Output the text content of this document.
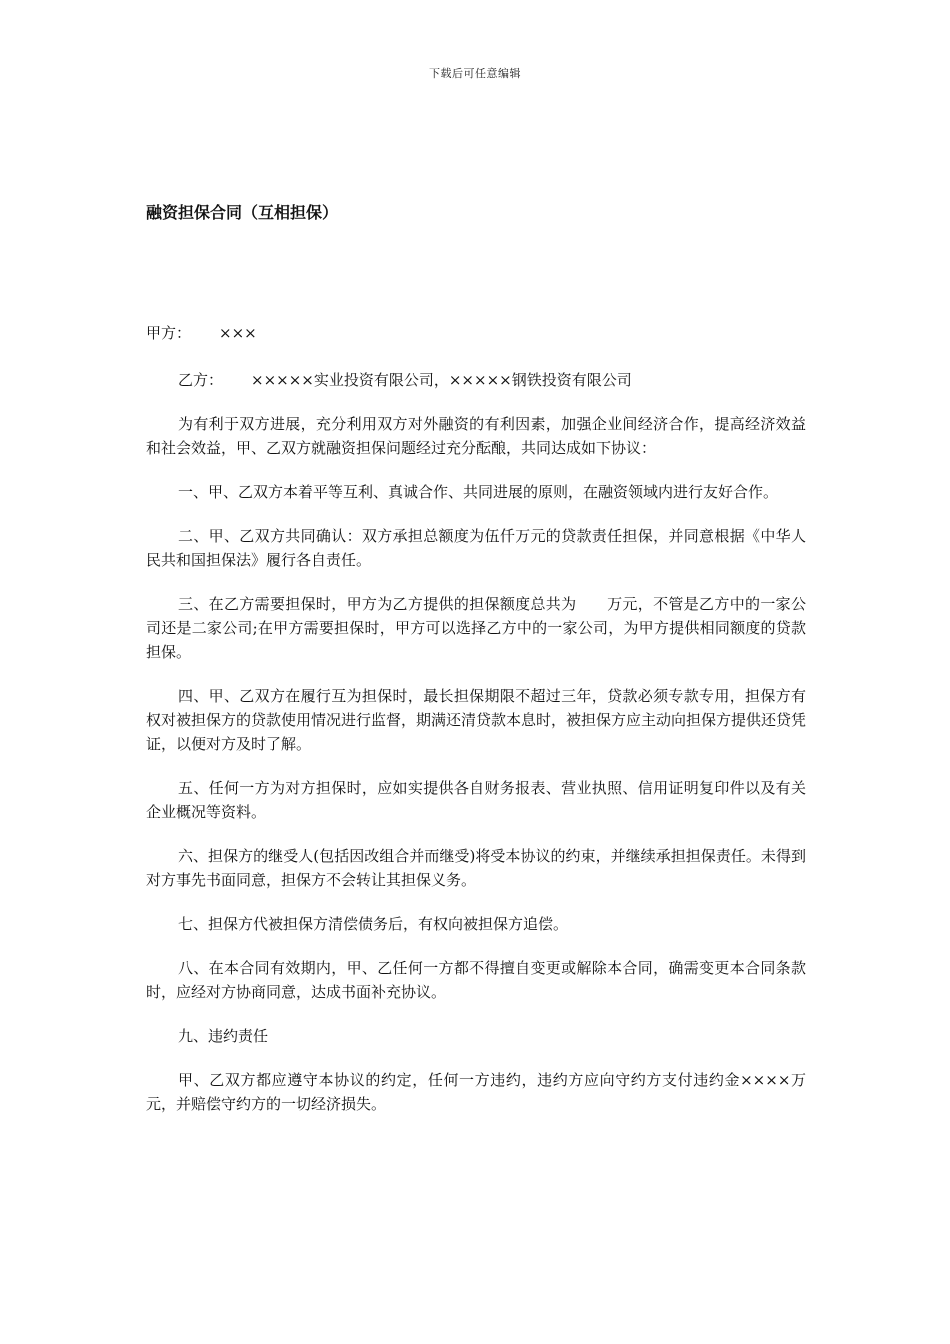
下载后可任意编辑
融资担保合同（互相担保）
甲方： ×××

乙方： ×××××实业投资有限公司，×××××钢铁投资有限公司

为有利于双方进展，充分利用双方对外融资的有利因素，加强企业间经济合作，提高经济效益和社会效益，甲、乙双方就融资担保问题经过充分酝酿，共同达成如下协议：

一、甲、乙双方本着平等互利、真诚合作、共同进展的原则，在融资领域内进行友好合作。

二、甲、乙双方共同确认：双方承担总额度为伍仟万元的贷款责任担保，并同意根据《中华人民共和国担保法》履行各自责任。

三、在乙方需要担保时，甲方为乙方提供的担保额度总共为　　万元，不管是乙方中的一家公司还是二家公司;在甲方需要担保时，甲方可以选择乙方中的一家公司，为甲方提供相同额度的贷款担保。

四、甲、乙双方在履行互为担保时，最长担保期限不超过三年，贷款必须专款专用，担保方有权对被担保方的贷款使用情况进行监督，期满还清贷款本息时，被担保方应主动向担保方提供还贷凭证，以便对方及时了解。

五、任何一方为对方担保时，应如实提供各自财务报表、营业执照、信用证明复印件以及有关企业概况等资料。

六、担保方的继受人(包括因改组合并而继受)将受本协议的约束，并继续承担担保责任。未得到对方事先书面同意，担保方不会转让其担保义务。

七、担保方代被担保方清偿债务后，有权向被担保方追偿。

八、在本合同有效期内，甲、乙任何一方都不得擅自变更或解除本合同，确需变更本合同条款时，应经对方协商同意，达成书面补充协议。

九、违约责任

甲、乙双方都应遵守本协议的约定，任何一方违约，违约方应向守约方支付违约金××××万元，并赔偿守约方的一切经济损失。
